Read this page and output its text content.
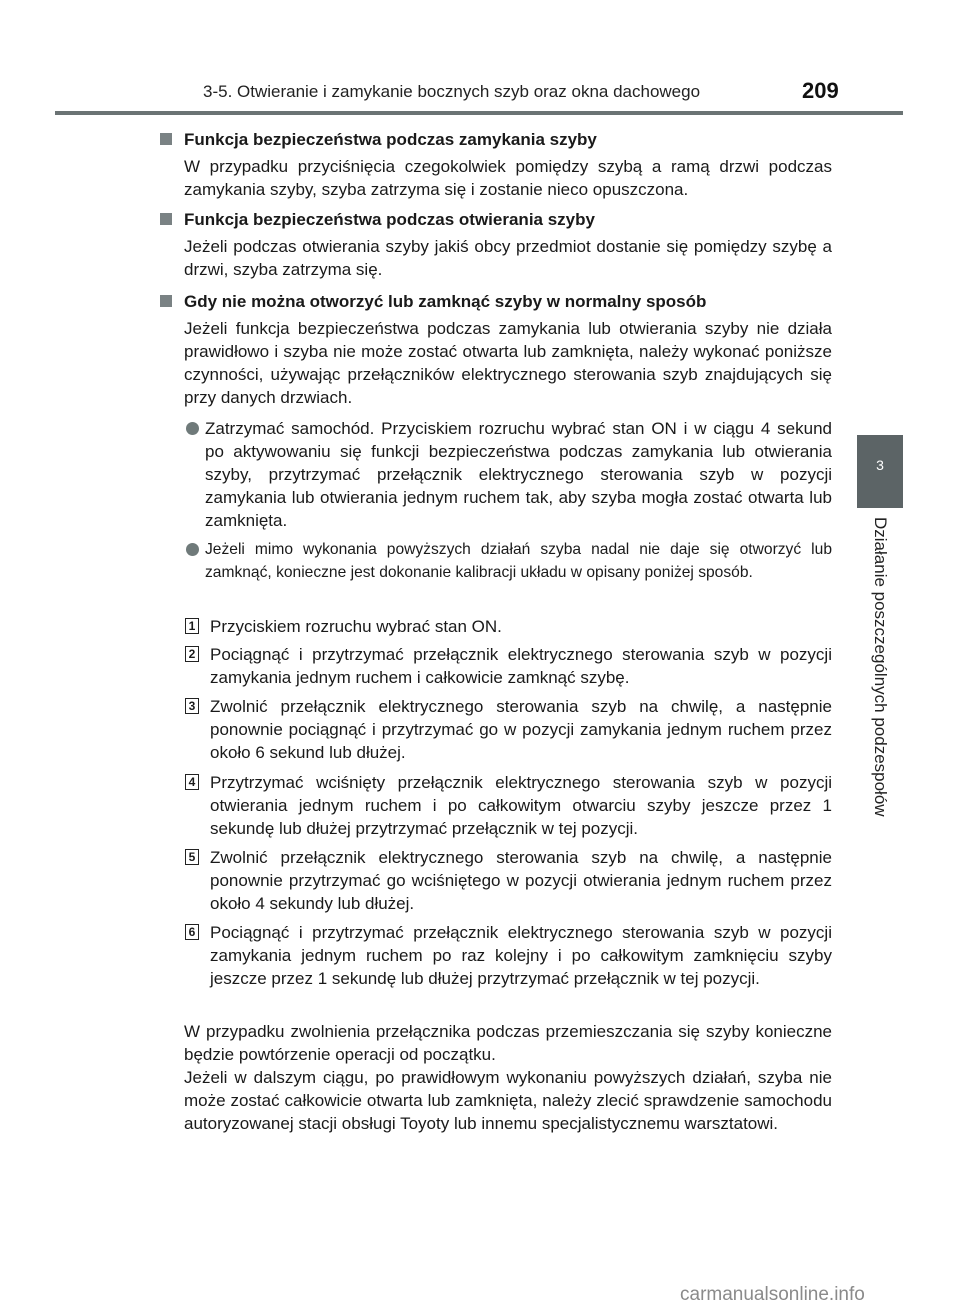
3-5. Otwieranie i zamykanie bocznych szyb oraz okna dachowego	209
Funkcja bezpieczeństwa podczas zamykania szyby
W przypadku przyciśnięcia czegokolwiek pomiędzy szybą a ramą drzwi podczas zamykania szyby, szyba zatrzyma się i zostanie nieco opuszczona.
Funkcja bezpieczeństwa podczas otwierania szyby
Jeżeli podczas otwierania szyby jakiś obcy przedmiot dostanie się pomiędzy szybę a drzwi, szyba zatrzyma się.
Gdy nie można otworzyć lub zamknąć szyby w normalny sposób
Jeżeli funkcja bezpieczeństwa podczas zamykania lub otwierania szyby nie działa prawidłowo i szyba nie może zostać otwarta lub zamknięta, należy wykonać poniższe czynności, używając przełączników elektrycznego sterowania szyb znajdujących się przy danych drzwiach.
Zatrzymać samochód. Przyciskiem rozruchu wybrać stan ON i w ciągu 4 sekund po aktywowaniu się funkcji bezpieczeństwa podczas zamykania lub otwierania szyby, przytrzymać przełącznik elektrycznego sterowania szyb w pozycji zamykania lub otwierania jednym ruchem tak, aby szyba mogła zostać otwarta lub zamknięta.
Jeżeli mimo wykonania powyższych działań szyba nadal nie daje się otworzyć lub zamknąć, konieczne jest dokonanie kalibracji układu w opisany poniżej sposób.
1 Przyciskiem rozruchu wybrać stan ON.
2 Pociągnąć i przytrzymać przełącznik elektrycznego sterowania szyb w pozycji zamykania jednym ruchem i całkowicie zamknąć szybę.
3 Zwolnić przełącznik elektrycznego sterowania szyb na chwilę, a następnie ponownie pociągnąć i przytrzymać go w pozycji zamykania jednym ruchem przez około 6 sekund lub dłużej.
4 Przytrzymać wciśnięty przełącznik elektrycznego sterowania szyb w pozycji otwierania jednym ruchem i po całkowitym otwarciu szyby jeszcze przez 1 sekundę lub dłużej przytrzymać przełącznik w tej pozycji.
5 Zwolnić przełącznik elektrycznego sterowania szyb na chwilę, a następnie ponownie przytrzymać go wciśniętego w pozycji otwierania jednym ruchem przez około 4 sekundy lub dłużej.
6 Pociągnąć i przytrzymać przełącznik elektrycznego sterowania szyb w pozycji zamykania jednym ruchem po raz kolejny i po całkowitym zamknięciu szyby jeszcze przez 1 sekundę lub dłużej przytrzymać przełącznik w tej pozycji.
W przypadku zwolnienia przełącznika podczas przemieszczania się szyby konieczne będzie powtórzenie operacji od początku.
Jeżeli w dalszym ciągu, po prawidłowym wykonaniu powyższych działań, szyba nie może zostać całkowicie otwarta lub zamknięta, należy zlecić sprawdzenie samochodu autoryzowanej stacji obsługi Toyoty lub innemu specjalistycznemu warsztatowi.
3
Działanie poszczególnych podzespołów
carmanualsonline.info
